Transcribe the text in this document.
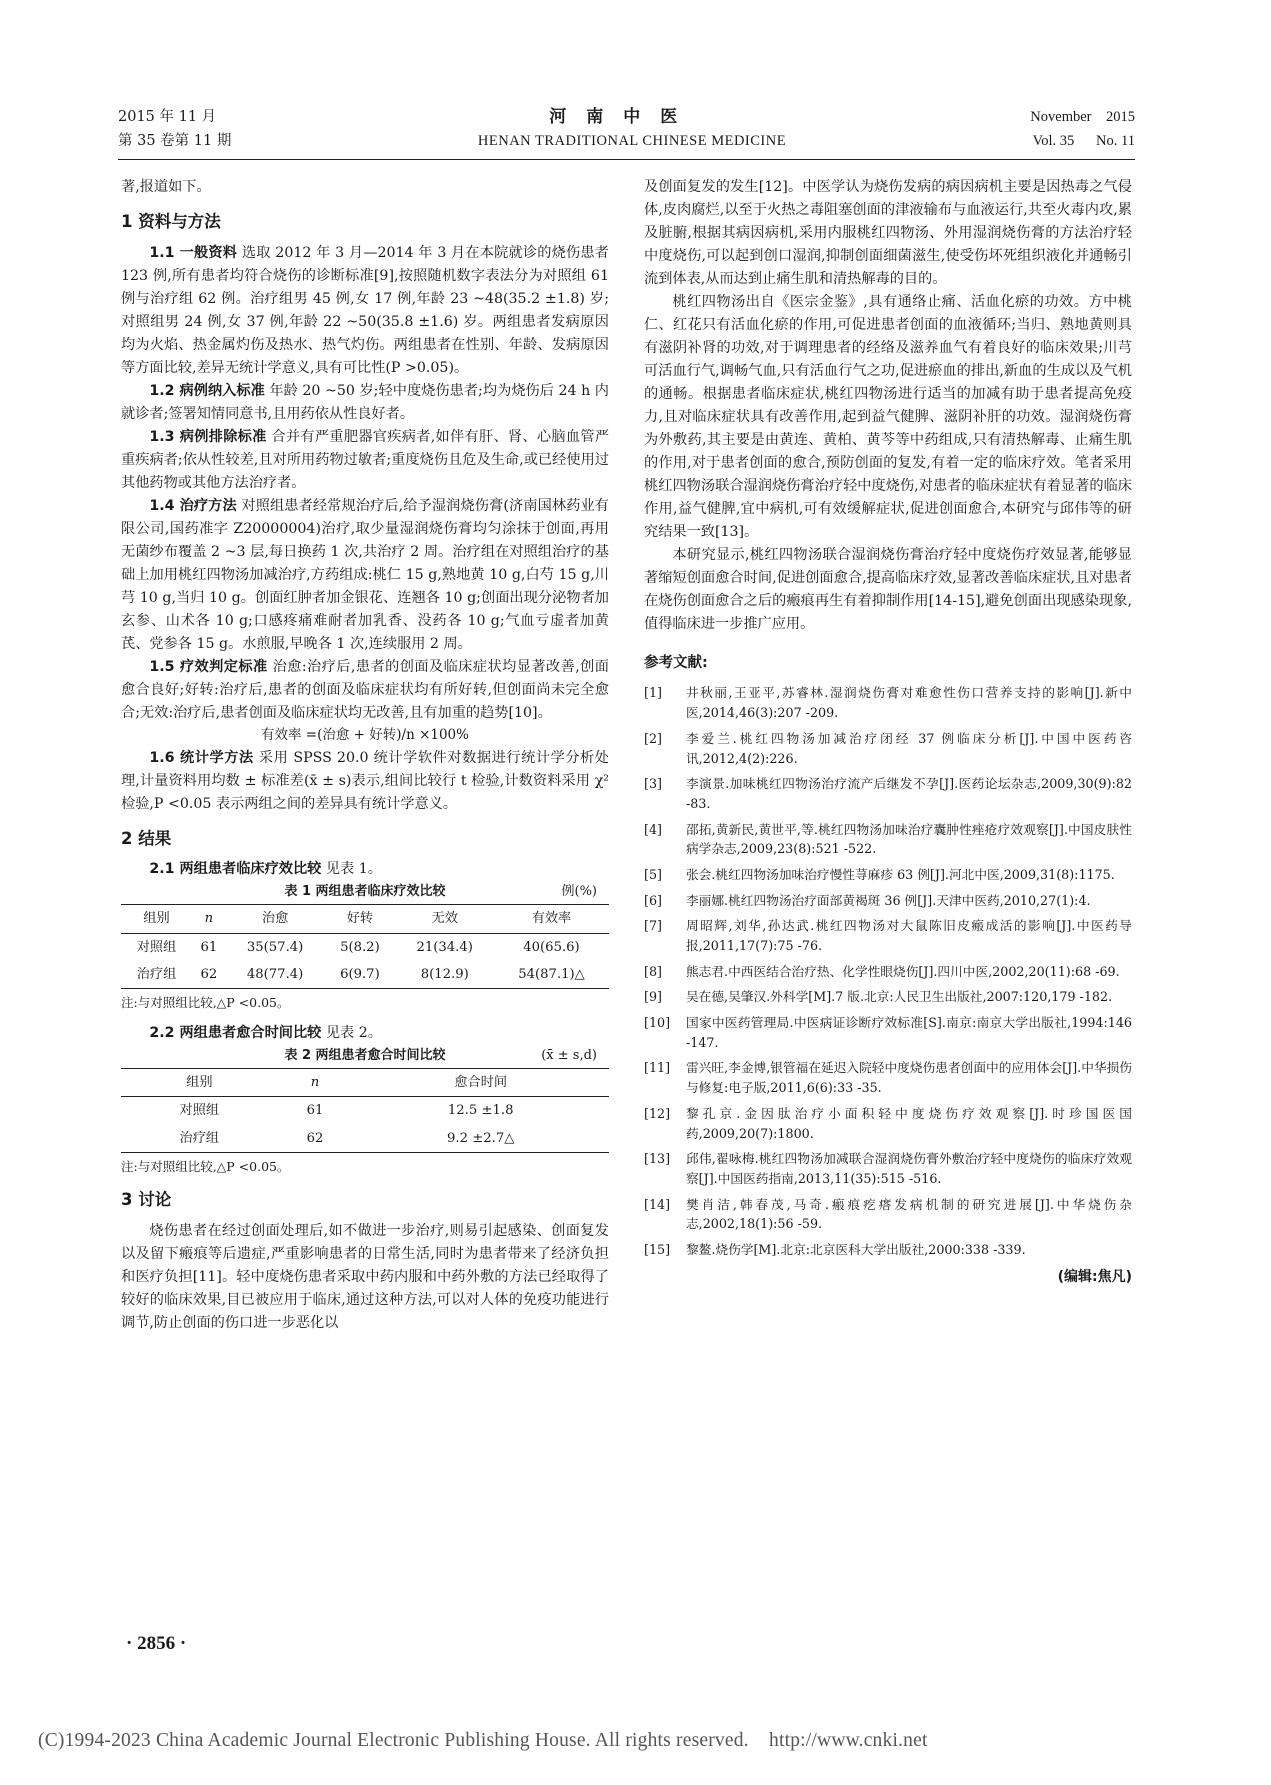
2015 年 11 月	河南中医	November    2015
第 35 卷第 11 期	HENAN TRADITIONAL CHINESE MEDICINE	Vol. 35      No. 11

著,报道如下。

1 资料与方法

1.1 一般资料 选取 2012 年 3 月—2014 年 3 月在本院就诊的烧伤患者 123 例,所有患者均符合烧伤的诊断标准[9],按照随机数字表法分为对照组 61 例与治疗组 62 例。治疗组男 45 例,女 17 例,年龄 23 ~48(35.2 ±1.8) 岁;对照组男 24 例,女 37 例,年龄 22 ~50(35.8 ±1.6) 岁。两组患者发病原因均为火焰、热金属灼伤及热水、热气灼伤。两组患者在性别、年龄、发病原因等方面比较,差异无统计学意义,具有可比性(P >0.05)。

1.2 病例纳入标准 年龄 20 ~50 岁;轻中度烧伤患者;均为烧伤后 24 h 内就诊者;签署知情同意书,且用药依从性良好者。

1.3 病例排除标准 合并有严重肥器官疾病者,如伴有肝、肾、心脑血管严重疾病者;依从性较差,且对所用药物过敏者;重度烧伤且危及生命,或已经使用过其他药物或其他方法治疗者。

1.4 治疗方法 对照组患者经常规治疗后,给予湿润烧伤膏(济南国林药业有限公司,国药准字 Z20000004)治疗,取少量湿润烧伤膏均匀涂抹于创面,再用无菌纱布覆盖 2 ~3 层,每日换药 1 次,共治疗 2 周。治疗组在对照组治疗的基础上加用桃红四物汤加减治疗,方药组成:桃仁 15 g,熟地黄 10 g,白芍 15 g,川芎 10 g,当归 10 g。创面红肿者加金银花、连翘各 10 g;创面出现分泌物者加玄参、山术各 10 g;口感疼痛难耐者加乳香、没药各 10 g;气血亏虚者加黄芪、党参各 15 g。水煎服,早晚各 1 次,连续服用 2 周。

1.5 疗效判定标准 治愈:治疗后,患者的创面及临床症状均显著改善,创面愈合良好;好转:治疗后,患者的创面及临床症状均有所好转,但创面尚未完全愈合;无效:治疗后,患者创面及临床症状均无改善,且有加重的趋势[10]。

有效率 =(治愈 + 好转)/n ×100%

1.6 统计学方法 采用 SPSS 20.0 统计学软件对数据进行统计学分析处理,计量资料用均数 ± 标准差(x̄ ± s)表示,组间比较行 t 检验,计数资料采用 χ² 检验,P <0.05 表示两组之间的差异具有统计学意义。

2 结果

2.1 两组患者临床疗效比较 见表 1。

表 1 两组患者临床疗效比较	例(%)
组别	n	治愈	好转	无效	有效率
对照组	61	35(57.4)	5(8.2)	21(34.4)	40(65.6)
治疗组	62	48(77.4)	6(9.7)	8(12.9)	54(87.1)△

注:与对照组比较,△P <0.05。

2.2 两组患者愈合时间比较 见表 2。

表 2 两组患者愈合时间比较	(x̄ ± s,d)
组别	n	愈合时间
对照组	61	12.5 ±1.8
治疗组	62	9.2 ±2.7△

注:与对照组比较,△P <0.05。

3 讨论

烧伤患者在经过创面处理后,如不做进一步治疗,则易引起感染、创面复发以及留下瘢痕等后遗症,严重影响患者的日常生活,同时为患者带来了经济负担和医疗负担[11]。轻中度烧伤患者采取中药内服和中药外敷的方法已经取得了较好的临床效果,目已被应用于临床,通过这种方法,可以对人体的免疫功能进行调节,防止创面的伤口进一步恶化以

及创面复发的发生[12]。中医学认为烧伤发病的病因病机主要是因热毒之气侵体,皮肉腐烂,以至于火热之毒阻塞创面的津液输布与血液运行,共至火毒内攻,累及脏腑,根据其病因病机,采用内服桃红四物汤、外用湿润烧伤膏的方法治疗轻中度烧伤,可以起到创口湿润,抑制创面细菌滋生,使受伤坏死组织液化并通畅引流到体表,从而达到止痛生肌和清热解毒的目的。

桃红四物汤出自《医宗金鉴》,具有通络止痛、活血化瘀的功效。方中桃仁、红花只有活血化瘀的作用,可促进患者创面的血液循环;当归、熟地黄则具有滋阴补肾的功效,对于调理患者的经络及滋养血气有着良好的临床效果;川芎可活血行气,调畅气血,只有活血行气之功,促进瘀血的排出,新血的生成以及气机的通畅。根据患者临床症状,桃红四物汤进行适当的加减有助于患者提高免疫力,且对临床症状具有改善作用,起到益气健脾、滋阴补肝的功效。湿润烧伤膏为外敷药,其主要是由黄连、黄柏、黄芩等中药组成,只有清热解毒、止痛生肌的作用,对于患者创面的愈合,预防创面的复发,有着一定的临床疗效。笔者采用桃红四物汤联合湿润烧伤膏治疗轻中度烧伤,对患者的临床症状有着显著的临床作用,益气健脾,宜中病机,可有效缓解症状,促进创面愈合,本研究与邱伟等的研究结果一致[13]。

本研究显示,桃红四物汤联合湿润烧伤膏治疗轻中度烧伤疗效显著,能够显著缩短创面愈合时间,促进创面愈合,提高临床疗效,显著改善临床症状,且对患者在烧伤创面愈合之后的瘢痕再生有着抑制作用[14-15],避免创面出现感染现象,值得临床进一步推广应用。

参考文献:
[1]	井秋丽,王亚平,苏睿林.湿润烧伤膏对难愈性伤口营养支持的影响[J].新中医,2014,46(3):207 -209.
[2]	李爱兰.桃红四物汤加减治疗闭经 37 例临床分析[J].中国中医药咨讯,2012,4(2):226.
[3]	李演景.加味桃红四物汤治疗流产后继发不孕[J].医药论坛杂志,2009,30(9):82 -83.
[4]	邵拓,黄新民,黄世平,等.桃红四物汤加味治疗囊肿性痤疮疗效观察[J].中国皮肤性病学杂志,2009,23(8):521 -522.
[5]	张会.桃红四物汤加味治疗慢性荨麻疹 63 例[J].河北中医,2009,31(8):1175.
[6]	李丽娜.桃红四物汤治疗面部黄褐斑 36 例[J].天津中医药,2010,27(1):4.
[7]	周昭辉,刘华,孙达武.桃红四物汤对大鼠陈旧皮瘢成活的影响[J].中医药导报,2011,17(7):75 -76.
[8]	熊志君.中西医结合治疗热、化学性眼烧伤[J].四川中医,2002,20(11):68 -69.
[9]	吴在德,吴肇汉.外科学[M].7 版.北京:人民卫生出版社,2007:120,179 -182.
[10]	国家中医药管理局.中医病证诊断疗效标准[S].南京:南京大学出版社,1994:146 -147.
[11]	雷兴旺,李金博,银管福在延迟入院轻中度烧伤患者创面中的应用体会[J].中华损伤与修复:电子版,2011,6(6):33 -35.
[12]	黎孔京.金因肽治疗小面积轻中度烧伤疗效观察[J].时珍国医国药,2009,20(7):1800.
[13]	邱伟,翟咏梅.桃红四物汤加减联合湿润烧伤膏外敷治疗轻中度烧伤的临床疗效观察[J].中国医药指南,2013,11(35):515 -516.
[14]	樊肖洁,韩春茂,马奇.瘢痕疙瘩发病机制的研究进展[J].中华烧伤杂志,2002,18(1):56 -59.
[15]	黎鳌.烧伤学[M].北京:北京医科大学出版社,2000:338 -339.
(编辑:焦凡)
· 2856 ·
(C)1994-2023 China Academic Journal Electronic Publishing House. All rights reserved.    http://www.cnki.net
